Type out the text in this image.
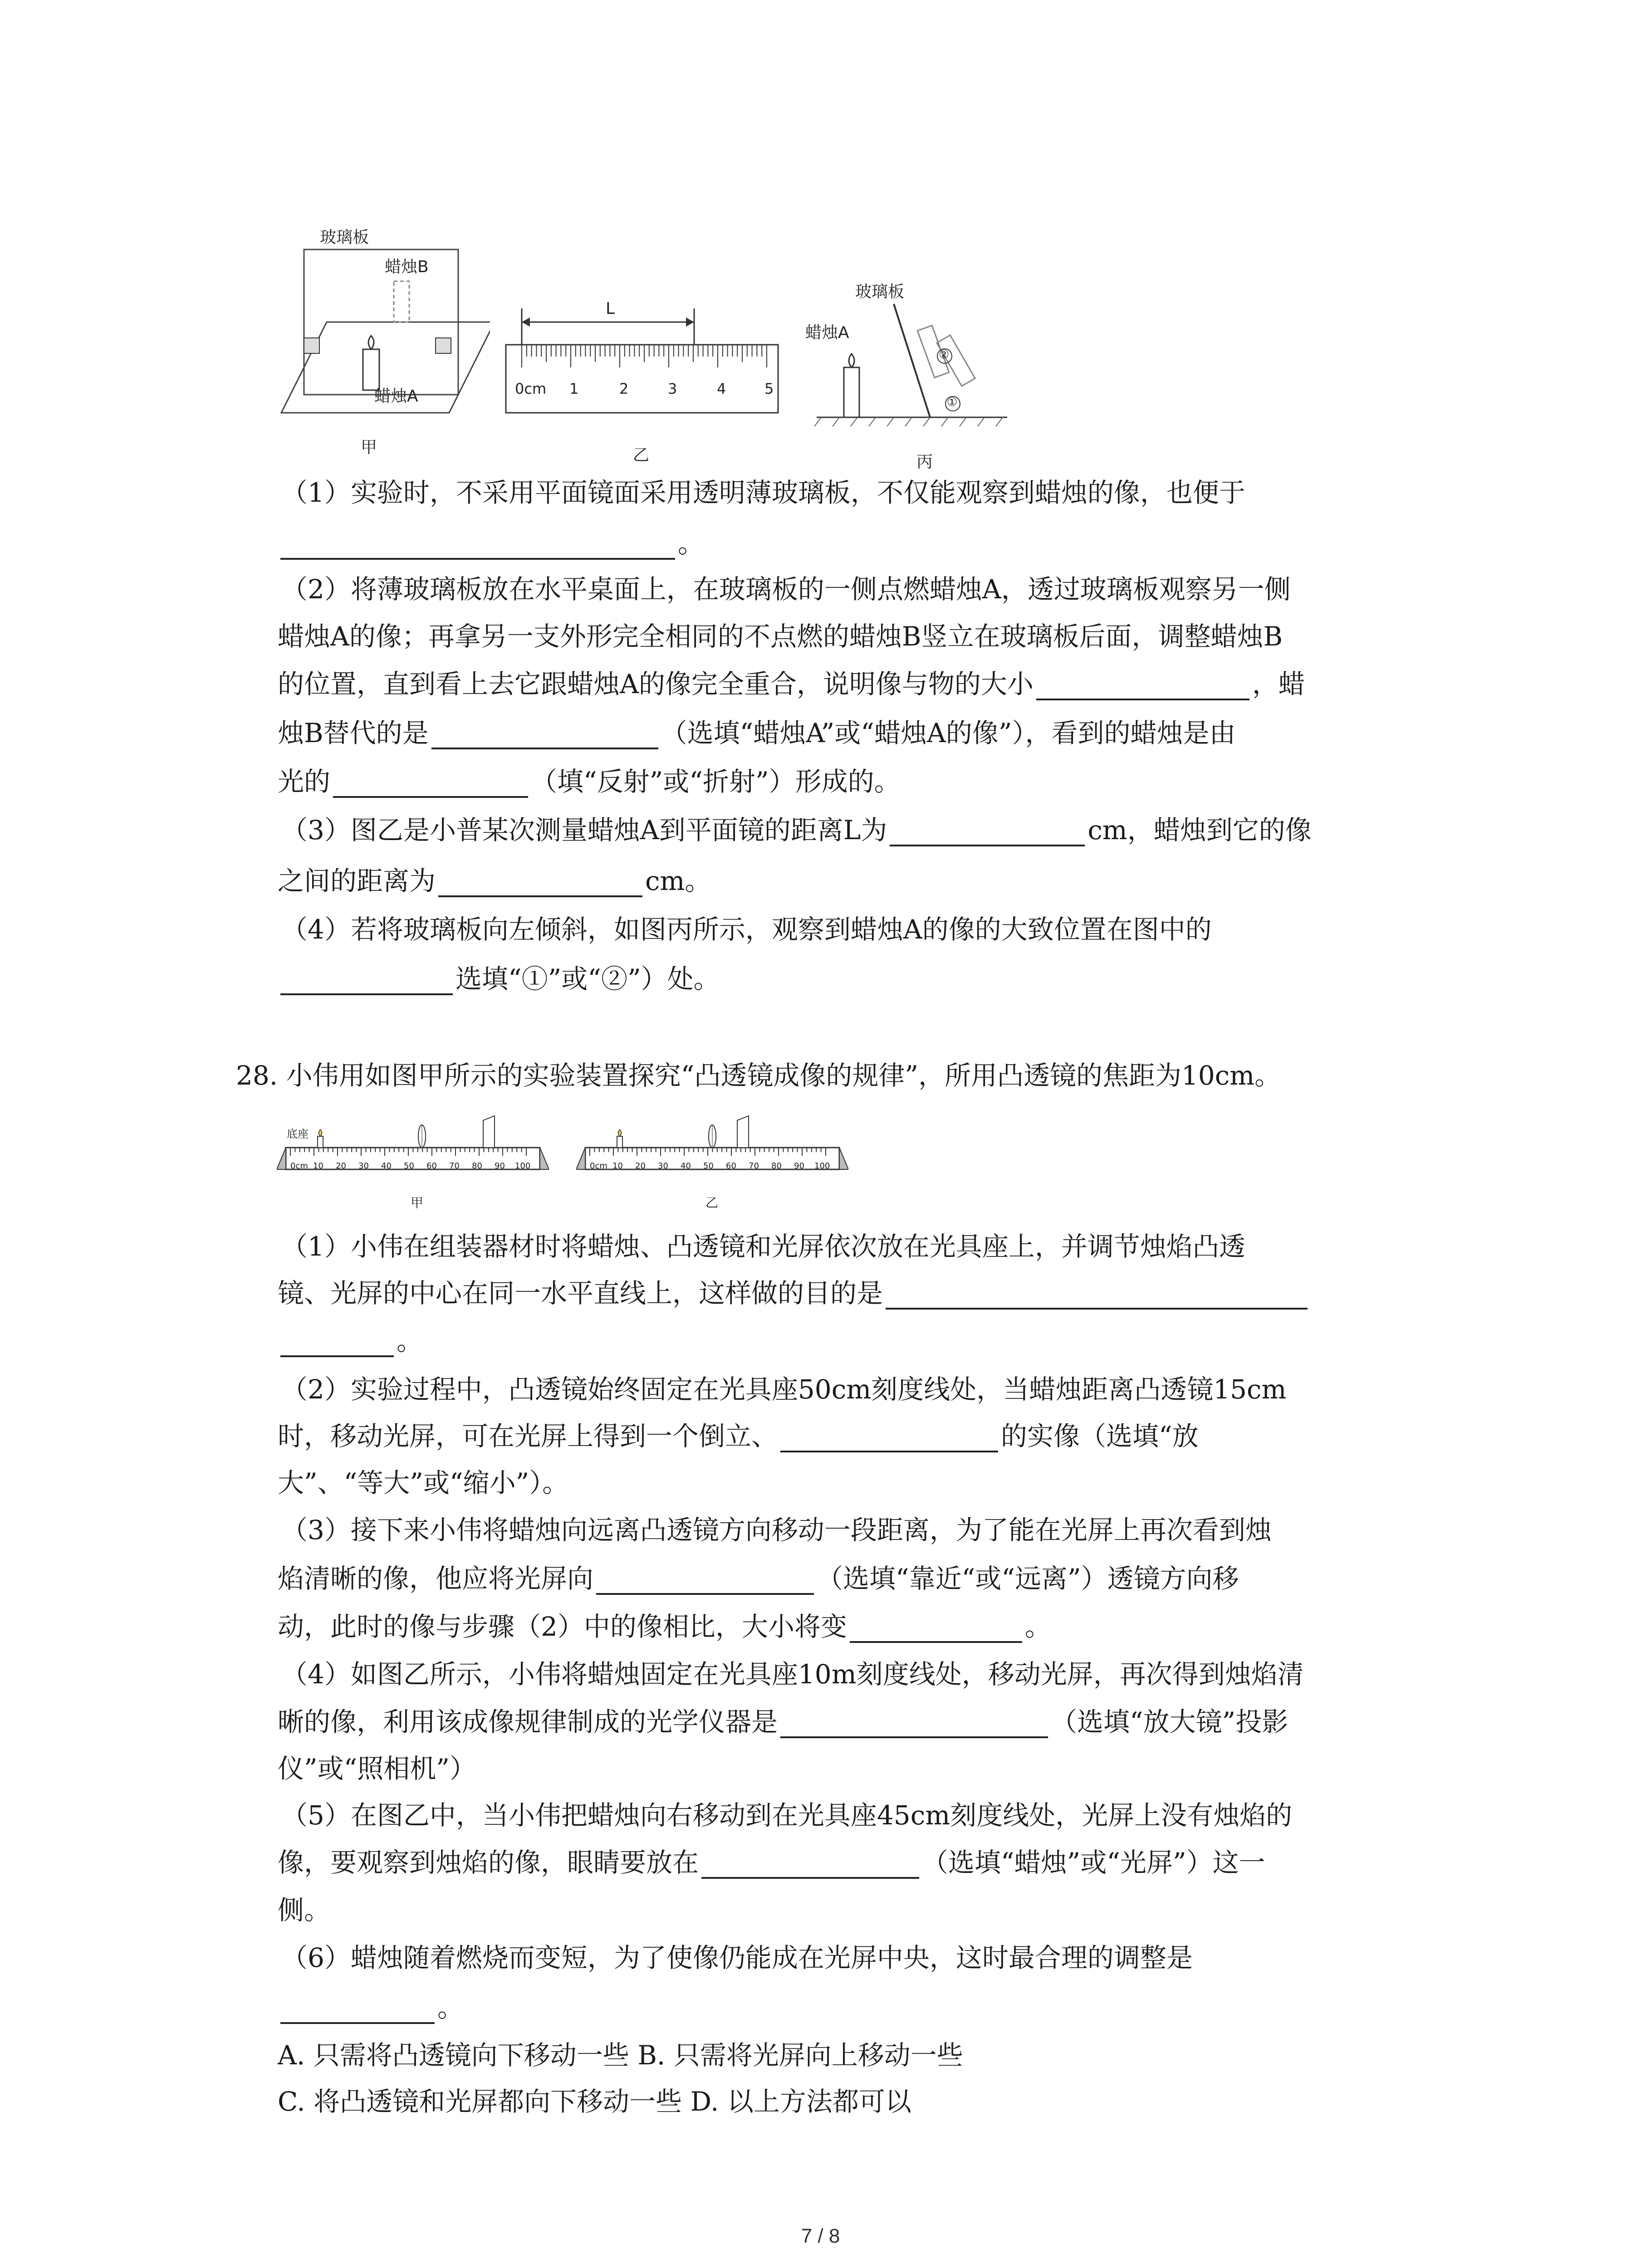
玻璃板
蜡烛B
蜡烛A
甲
L
0cm 1	2	3	4	5
乙
玻璃板
蜡烛A
①
②
丙
（1）实验时，不采用平面镜面采用透明薄玻璃板，不仅能观察到蜡烛的像，也便于
。
（2）将薄玻璃板放在水平桌面上，在玻璃板的一侧点燃蜡烛A，透过玻璃板观察另一侧
蜡烛A的像；再拿另一支外形完全相同的不点燃的蜡烛B竖立在玻璃板后面，调整蜡烛B
的位置，直到看上去它跟蜡烛A的像完全重合，说明像与物的大小	，蜡
烛B替代的是	（选填“蜡烛A”或“蜡烛A的像”），看到的蜡烛是由
光的	（填“反射”或“折射”）形成的。
（3）图乙是小普某次测量蜡烛A到平面镜的距离L为	cm，蜡烛到它的像
之间的距离为	cm。
（4）若将玻璃板向左倾斜，如图丙所示，观察到蜡烛A的像的大致位置在图中的
选填“①”或“②”）处。
28. 小伟用如图甲所示的实验装置探究“凸透镜成像的规律”，所用凸透镜的焦距为10cm。
底座
甲	乙
0cm 10 20 30 40 50 60 70 80 90 100	0cm 10 20 30 40 50 60 70 80 90 100
（1）小伟在组装器材时将蜡烛、凸透镜和光屏依次放在光具座上，并调节烛焰凸透
镜、光屏的中心在同一水平直线上，这样做的目的是
。
（2）实验过程中，凸透镜始终固定在光具座50cm刻度线处，当蜡烛距离凸透镜15cm
时，移动光屏，可在光屏上得到一个倒立、	的实像（选填“放
大”、“等大”或“缩小”）。
（3）接下来小伟将蜡烛向远离凸透镜方向移动一段距离，为了能在光屏上再次看到烛
焰清晰的像，他应将光屏向	（选填“靠近“或“远离”）透镜方向移
动，此时的像与步骤（2）中的像相比，大小将变	。
（4）如图乙所示，小伟将蜡烛固定在光具座10m刻度线处，移动光屏，再次得到烛焰清
晰的像，利用该成像规律制成的光学仪器是	（选填“放大镜”投影
仪”或“照相机”）
（5）在图乙中，当小伟把蜡烛向右移动到在光具座45cm刻度线处，光屏上没有烛焰的
像，要观察到烛焰的像，眼睛要放在	（选填“蜡烛”或“光屏”）这一
侧。
（6）蜡烛随着燃烧而变短，为了使像仍能成在光屏中央，这时最合理的调整是
。
A. 只需将凸透镜向下移动一些 B. 只需将光屏向上移动一些
C. 将凸透镜和光屏都向下移动一些 D. 以上方法都可以
7 / 8
